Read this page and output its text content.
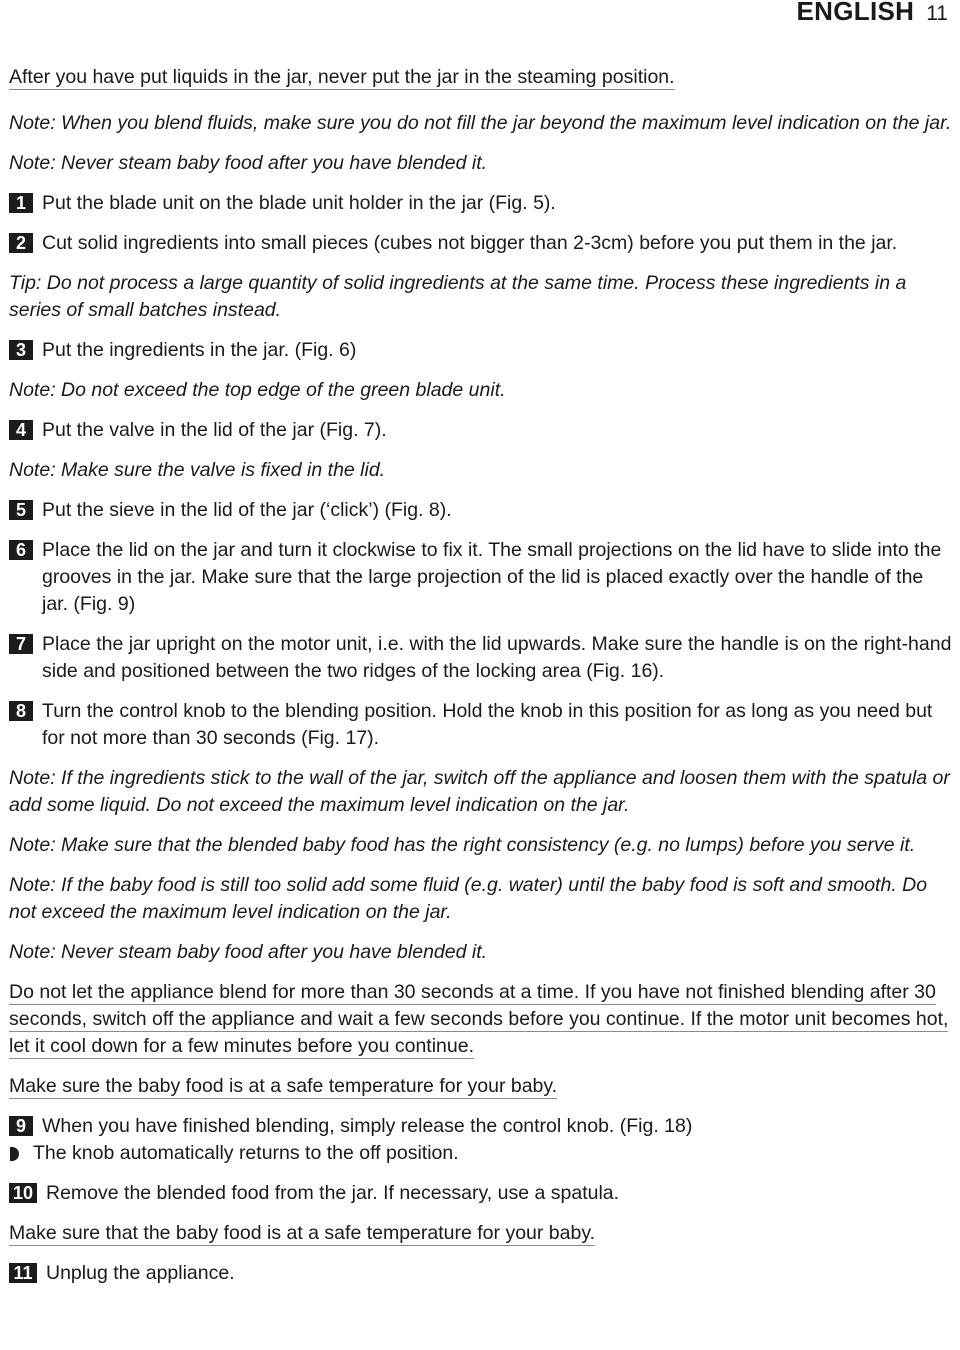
ENGLISH 11

After you have put liquids in the jar, never put the jar in the steaming position.

Note: When you blend fluids, make sure you do not fill the jar beyond the maximum level indication on the jar.

Note: Never steam baby food after you have blended it.

1 Put the blade unit on the blade unit holder in the jar (Fig. 5).
2 Cut solid ingredients into small pieces (cubes not bigger than 2-3cm) before you put them in the jar.

Tip: Do not process a large quantity of solid ingredients at the same time. Process these ingredients in a series of small batches instead.

3 Put the ingredients in the jar. (Fig. 6)

Note: Do not exceed the top edge of the green blade unit.

4 Put the valve in the lid of the jar (Fig. 7).

Note: Make sure the valve is fixed in the lid.

5 Put the sieve in the lid of the jar (‘click’) (Fig. 8).
6 Place the lid on the jar and turn it clockwise to fix it. The small projections on the lid have to slide into the grooves in the jar. Make sure that the large projection of the lid is placed exactly over the handle of the jar. (Fig. 9)
7 Place the jar upright on the motor unit, i.e. with the lid upwards. Make sure the handle is on the right-hand side and positioned between the two ridges of the locking area (Fig. 16).
8 Turn the control knob to the blending position. Hold the knob in this position for as long as you need but for not more than 30 seconds (Fig. 17).

Note: If the ingredients stick to the wall of the jar, switch off the appliance and loosen them with the spatula or add some liquid. Do not exceed the maximum level indication on the jar.

Note: Make sure that the blended baby food has the right consistency (e.g. no lumps) before you serve it.

Note: If the baby food is still too solid add some fluid (e.g. water) until the baby food is soft and smooth. Do not exceed the maximum level indication on the jar.

Note: Never steam baby food after you have blended it.

Do not let the appliance blend for more than 30 seconds at a time. If you have not finished blending after 30 seconds, switch off the appliance and wait a few seconds before you continue. If the motor unit becomes hot, let it cool down for a few minutes before you continue.

Make sure the baby food is at a safe temperature for your baby.

9 When you have finished blending, simply release the control knob. (Fig. 18)
The knob automatically returns to the off position.
10 Remove the blended food from the jar. If necessary, use a spatula.

Make sure that the baby food is at a safe temperature for your baby.

11 Unplug the appliance.
